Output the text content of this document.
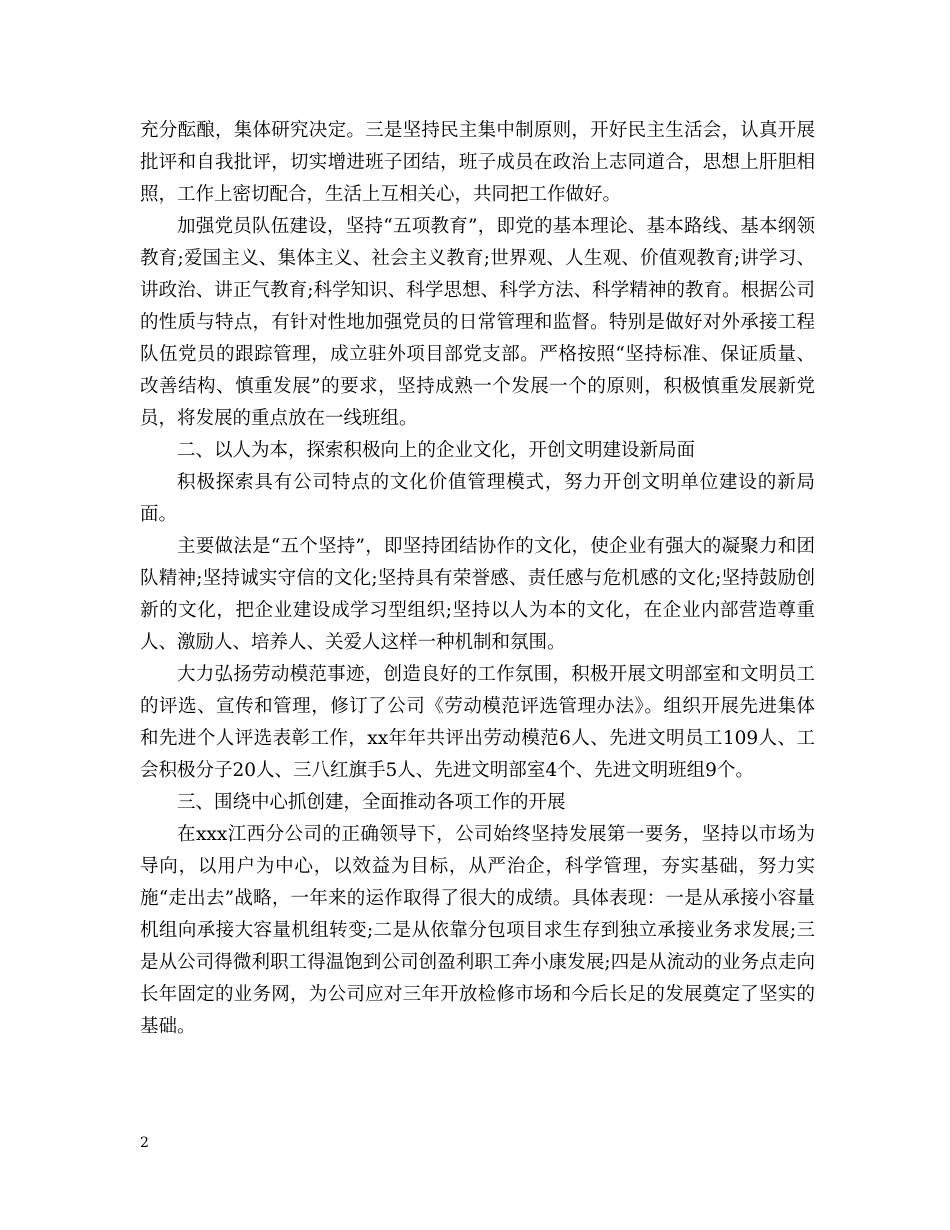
充分酝酿，集体研究决定。三是坚持民主集中制原则，开好民主生活会，认真开展批评和自我批评，切实增进班子团结，班子成员在政治上志同道合，思想上肝胆相照，工作上密切配合，生活上互相关心，共同把工作做好。

加强党员队伍建设，坚持“五项教育”，即党的基本理论、基本路线、基本纲领教育;爱国主义、集体主义、社会主义教育;世界观、人生观、价值观教育;讲学习、讲政治、讲正气教育;科学知识、科学思想、科学方法、科学精神的教育。根据公司的性质与特点，有针对性地加强党员的日常管理和监督。特别是做好对外承接工程队伍党员的跟踪管理，成立驻外项目部党支部。严格按照“坚持标准、保证质量、改善结构、慎重发展”的要求，坚持成熟一个发展一个的原则，积极慎重发展新党员，将发展的重点放在一线班组。

二、以人为本，探索积极向上的企业文化，开创文明建设新局面

积极探索具有公司特点的文化价值管理模式，努力开创文明单位建设的新局面。

主要做法是“五个坚持”，即坚持团结协作的文化，使企业有强大的凝聚力和团队精神;坚持诚实守信的文化;坚持具有荣誉感、责任感与危机感的文化;坚持鼓励创新的文化，把企业建设成学习型组织;坚持以人为本的文化，在企业内部营造尊重人、激励人、培养人、关爱人这样一种机制和氛围。

大力弘扬劳动模范事迹，创造良好的工作氛围，积极开展文明部室和文明员工的评选、宣传和管理，修订了公司《劳动模范评选管理办法》。组织开展先进集体和先进个人评选表彰工作，xx年年共评出劳动模范6人、先进文明员工109人、工会积极分子20人、三八红旗手5人、先进文明部室4个、先进文明班组9个。

三、围绕中心抓创建，全面推动各项工作的开展

在xxx江西分公司的正确领导下，公司始终坚持发展第一要务，坚持以市场为导向，以用户为中心，以效益为目标，从严治企，科学管理，夯实基础，努力实施“走出去”战略，一年来的运作取得了很大的成绩。具体表现：一是从承接小容量机组向承接大容量机组转变;二是从依靠分包项目求生存到独立承接业务求发展;三是从公司得微利职工得温饱到公司创盈利职工奔小康发展;四是从流动的业务点走向长年固定的业务网，为公司应对三年开放检修市场和今后长足的发展奠定了坚实的基础。

2
